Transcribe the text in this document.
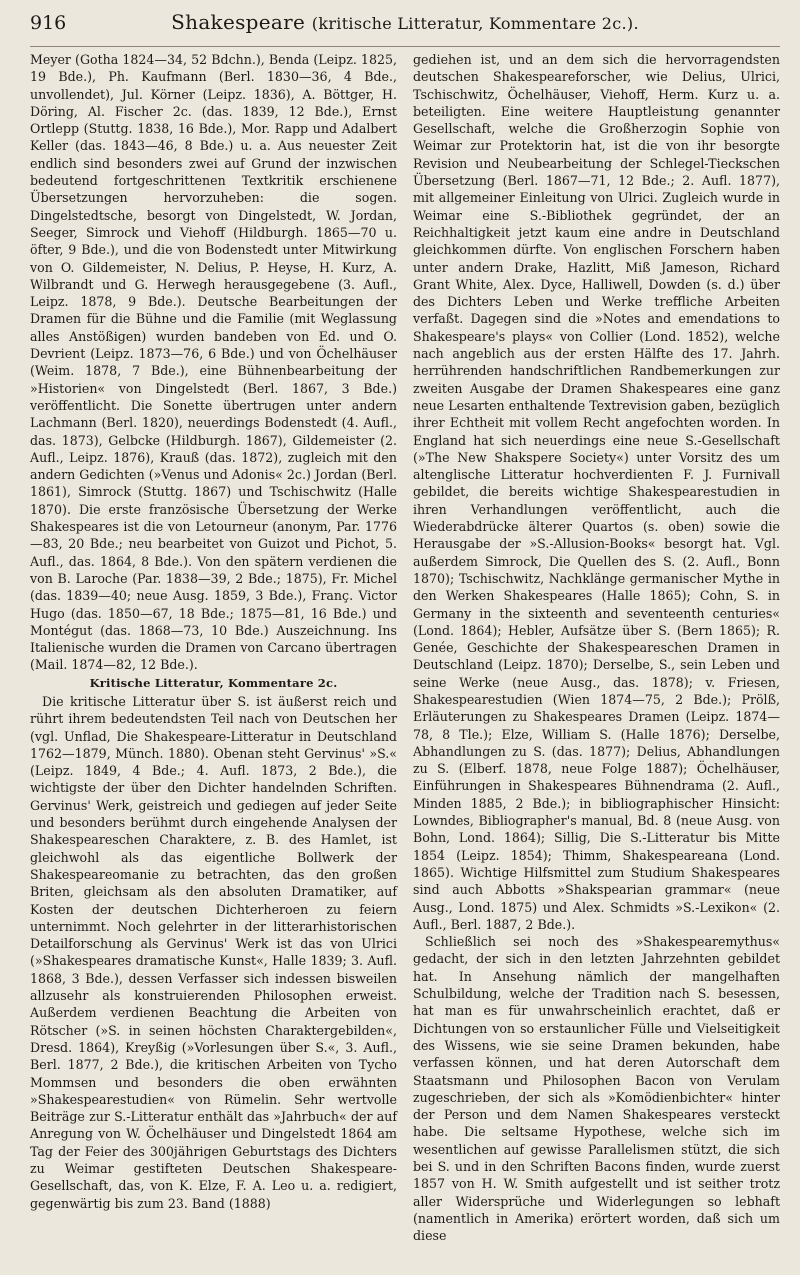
916	Shakespeare (kritische Litteratur, Kommentare 2c.).

Meyer (Gotha 1824—34, 52 Bdchn.), Benda (Leipz. 1825, 19 Bde.), Ph. Kaufmann (Berl. 1830—36, 4 Bde., unvollendet), Jul. Körner (Leipz. 1836), A. Böttger, H. Döring, Al. Fischer 2c. (das. 1839, 12 Bde.), Ernst Ortlepp (Stuttg. 1838, 16 Bde.), Mor. Rapp und Adalbert Keller (das. 1843—46, 8 Bde.) u. a. Aus neuester Zeit endlich sind besonders zwei auf Grund der inzwischen bedeutend fortgeschrittenen Textkritik erschienene Übersetzungen hervorzuheben: die sogen. Dingelstedtsche, besorgt von Dingelstedt, W. Jordan, Seeger, Simrock und Viehoff (Hildburgh. 1865—70 u. öfter, 9 Bde.), und die von Bodenstedt unter Mitwirkung von O. Gildemeister, N. Delius, P. Heyse, H. Kurz, A. Wilbrandt und G. Herwegh herausgegebene (3. Aufl., Leipz. 1878, 9 Bde.). Deutsche Bearbeitungen der Dramen für die Bühne und die Familie (mit Weglassung alles Anstößigen) wurden bandeben von Ed. und O. Devrient (Leipz. 1873—76, 6 Bde.) und von Öchelhäuser (Weim. 1878, 7 Bde.), eine Bühnenbearbeitung der »Historien« von Dingelstedt (Berl. 1867, 3 Bde.) veröffentlicht. Die Sonette übertrugen unter andern Lachmann (Berl. 1820), neuerdings Bodenstedt (4. Aufl., das. 1873), Gelbcke (Hildburgh. 1867), Gildemeister (2. Aufl., Leipz. 1876), Krauß (das. 1872), zugleich mit den andern Gedichten (»Venus und Adonis« 2c.) Jordan (Berl. 1861), Simrock (Stuttg. 1867) und Tschischwitz (Halle 1870). Die erste französische Übersetzung der Werke Shakespeares ist die von Letourneur (anonym, Par. 1776—83, 20 Bde.; neu bearbeitet von Guizot und Pichot, 5. Aufl., das. 1864, 8 Bde.). Von den spätern verdienen die von B. Laroche (Par. 1838—39, 2 Bde.; 1875), Fr. Michel (das. 1839—40; neue Ausg. 1859, 3 Bde.), Franç. Victor Hugo (das. 1850—67, 18 Bde.; 1875—81, 16 Bde.) und Montégut (das. 1868—73, 10 Bde.) Auszeichnung. Ins Italienische wurden die Dramen von Carcano übertragen (Mail. 1874—82, 12 Bde.).

Kritische Litteratur, Kommentare 2c.

Die kritische Litteratur über S. ist äußerst reich und rührt ihrem bedeutendsten Teil nach von Deutschen her (vgl. Unflad, Die Shakespeare-Litteratur in Deutschland 1762—1879, Münch. 1880). Obenan steht Gervinus' »S.« (Leipz. 1849, 4 Bde.; 4. Aufl. 1873, 2 Bde.), die wichtigste der über den Dichter handelnden Schriften. Gervinus' Werk, geistreich und gediegen auf jeder Seite und besonders berühmt durch eingehende Analysen der Shakespeareschen Charaktere, z. B. des Hamlet, ist gleichwohl als das eigentliche Bollwerk der Shakespeareomanie zu betrachten, das den großen Briten, gleichsam als den absoluten Dramatiker, auf Kosten der deutschen Dichterheroen zu feiern unternimmt. Noch gelehrter in der litterarhistorischen Detailforschung als Gervinus' Werk ist das von Ulrici (»Shakespeares dramatische Kunst«, Halle 1839; 3. Aufl. 1868, 3 Bde.), dessen Verfasser sich indessen bisweilen allzusehr als konstruierenden Philosophen erweist. Außerdem verdienen Beachtung die Arbeiten von Rötscher (»S. in seinen höchsten Charaktergebilden«, Dresd. 1864), Kreyßig (»Vorlesungen über S.«, 3. Aufl., Berl. 1877, 2 Bde.), die kritischen Arbeiten von Tycho Mommsen und besonders die oben erwähnten »Shakespearestudien« von Rümelin. Sehr wertvolle Beiträge zur S.-Litteratur enthält das »Jahrbuch« der auf Anregung von W. Öchelhäuser und Dingelstedt 1864 am Tag der Feier des 300jährigen Geburtstags des Dichters zu Weimar gestifteten Deutschen Shakespeare-Gesellschaft, das, von K. Elze, F. A. Leo u. a. redigiert, gegenwärtig bis zum 23. Band (1888)

gediehen ist, und an dem sich die hervorragendsten deutschen Shakespeareforscher, wie Delius, Ulrici, Tschischwitz, Öchelhäuser, Viehoff, Herm. Kurz u. a. beteiligten. Eine weitere Hauptleistung genannter Gesellschaft, welche die Großherzogin Sophie von Weimar zur Protektorin hat, ist die von ihr besorgte Revision und Neubearbeitung der Schlegel-Tieckschen Übersetzung (Berl. 1867—71, 12 Bde.; 2. Aufl. 1877), mit allgemeiner Einleitung von Ulrici. Zugleich wurde in Weimar eine S.-Bibliothek gegründet, der an Reichhaltigkeit jetzt kaum eine andre in Deutschland gleichkommen dürfte. Von englischen Forschern haben unter andern Drake, Hazlitt, Miß Jameson, Richard Grant White, Alex. Dyce, Halliwell, Dowden (s. d.) über des Dichters Leben und Werke treffliche Arbeiten verfaßt. Dagegen sind die »Notes and emendations to Shakespeare's plays« von Collier (Lond. 1852), welche nach angeblich aus der ersten Hälfte des 17. Jahrh. herrührenden handschriftlichen Randbemerkungen zur zweiten Ausgabe der Dramen Shakespeares eine ganz neue Lesarten enthaltende Textrevision gaben, bezüglich ihrer Echtheit mit vollem Recht angefochten worden. In England hat sich neuerdings eine neue S.-Gesellschaft (»The New Shakspere Society«) unter Vorsitz des um altenglische Litteratur hochverdienten F. J. Furnivall gebildet, die bereits wichtige Shakespearestudien in ihren Verhandlungen veröffentlicht, auch die Wiederabdrücke älterer Quartos (s. oben) sowie die Herausgabe der »S.-Allusion-Books« besorgt hat. Vgl. außerdem Simrock, Die Quellen des S. (2. Aufl., Bonn 1870); Tschischwitz, Nachklänge germanischer Mythe in den Werken Shakespeares (Halle 1865); Cohn, S. in Germany in the sixteenth and seventeenth centuries« (Lond. 1864); Hebler, Aufsätze über S. (Bern 1865); R. Genée, Geschichte der Shakespeareschen Dramen in Deutschland (Leipz. 1870); Derselbe, S., sein Leben und seine Werke (neue Ausg., das. 1878); v. Friesen, Shakespearestudien (Wien 1874—75, 2 Bde.); Prölß, Erläuterungen zu Shakespeares Dramen (Leipz. 1874—78, 8 Tle.); Elze, William S. (Halle 1876); Derselbe, Abhandlungen zu S. (das. 1877); Delius, Abhandlungen zu S. (Elberf. 1878, neue Folge 1887); Öchelhäuser, Einführungen in Shakespeares Bühnendrama (2. Aufl., Minden 1885, 2 Bde.); in bibliographischer Hinsicht: Lowndes, Bibliographer's manual, Bd. 8 (neue Ausg. von Bohn, Lond. 1864); Sillig, Die S.-Litteratur bis Mitte 1854 (Leipz. 1854); Thimm, Shakespeareana (Lond. 1865). Wichtige Hilfsmittel zum Studium Shakespeares sind auch Abbotts »Shakspearian grammar« (neue Ausg., Lond. 1875) und Alex. Schmidts »S.-Lexikon« (2. Aufl., Berl. 1887, 2 Bde.).

Schließlich sei noch des »Shakespearemythus« gedacht, der sich in den letzten Jahrzehnten gebildet hat. In Ansehung nämlich der mangelhaften Schulbildung, welche der Tradition nach S. besessen, hat man es für unwahrscheinlich erachtet, daß er Dichtungen von so erstaunlicher Fülle und Vielseitigkeit des Wissens, wie sie seine Dramen bekunden, habe verfassen können, und hat deren Autorschaft dem Staatsmann und Philosophen Bacon von Verulam zugeschrieben, der sich als »Komödienbichter« hinter der Person und dem Namen Shakespeares versteckt habe. Die seltsame Hypothese, welche sich im wesentlichen auf gewisse Parallelismen stützt, die sich bei S. und in den Schriften Bacons finden, wurde zuerst 1857 von H. W. Smith aufgestellt und ist seither trotz aller Widersprüche und Widerlegungen so lebhaft (namentlich in Amerika) erörtert worden, daß sich um diese
